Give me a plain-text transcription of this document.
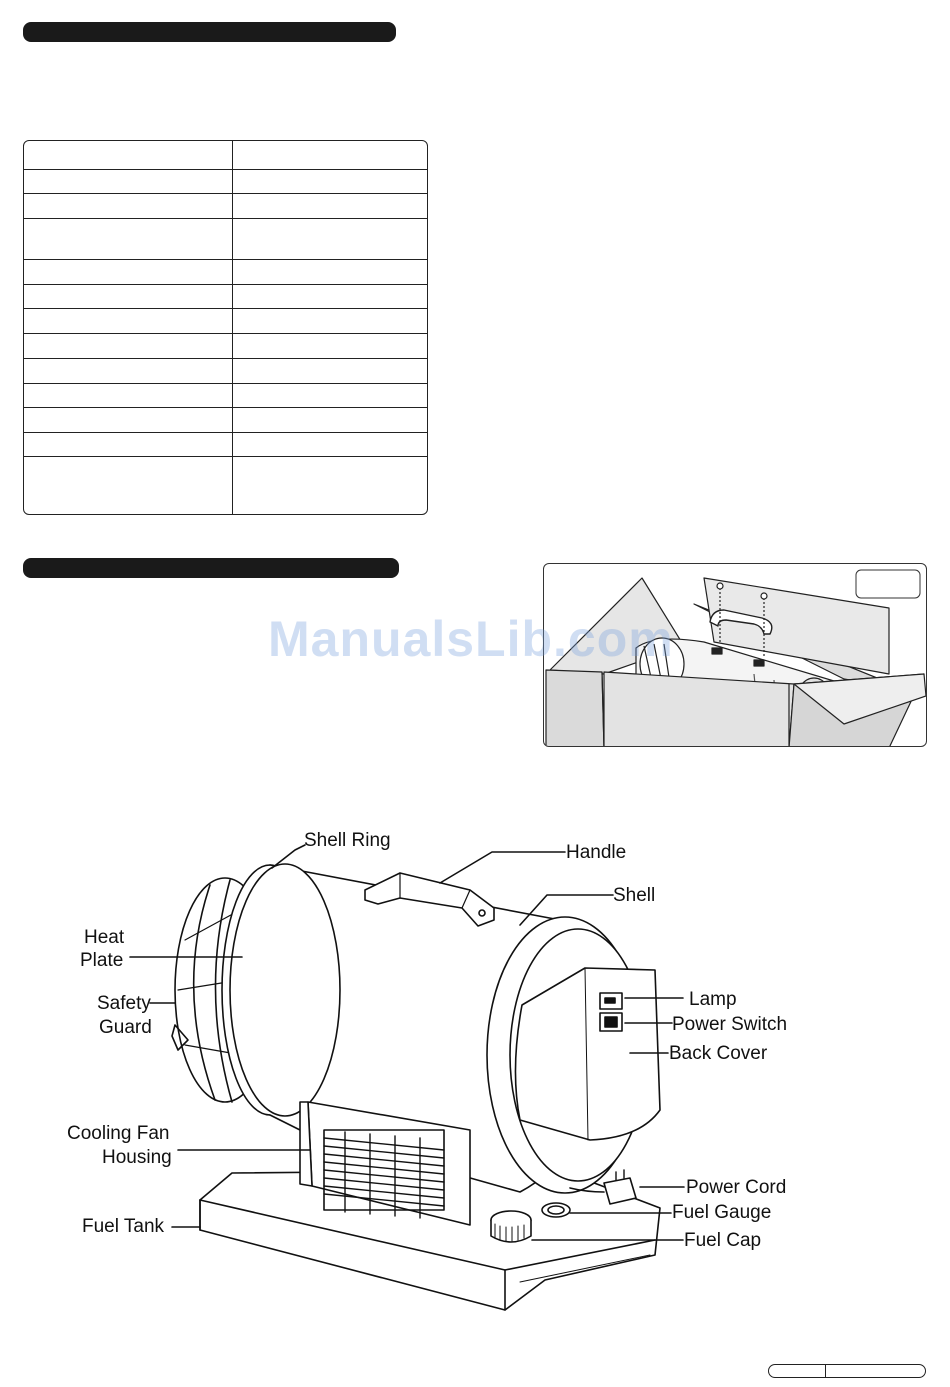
ManualsLib.com
Shell Ring
Handle
Shell
Heat
Plate
Safety
Guard
Lamp
Power Switch
Back Cover
Cooling Fan
Housing
Fuel Tank
Power Cord
Fuel Gauge
Fuel Cap
